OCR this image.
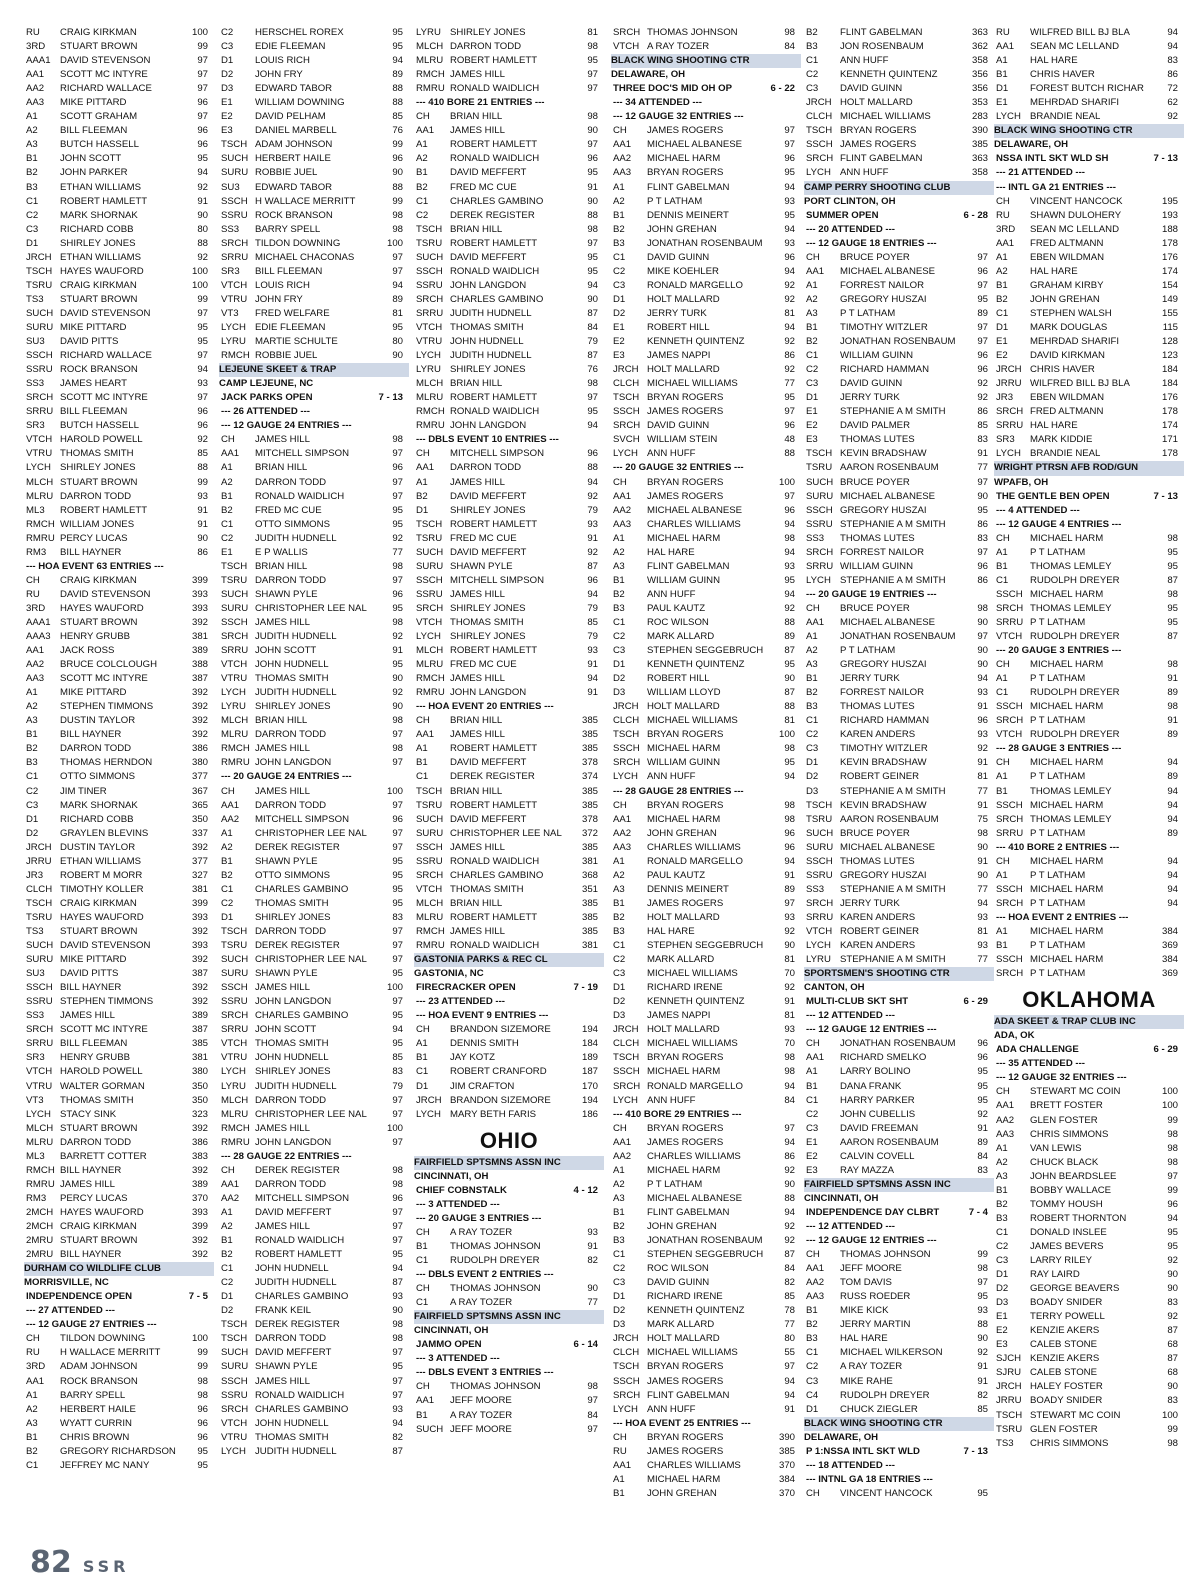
RU	CRAIG KIRKMAN	100
3RD	STUART BROWN	99
AAA1 DAVID STEVENSON	97
AA1	SCOTT MC INTYRE	97
AA2	RICHARD WALLACE	97
AA3	MIKE PITTARD	96
A1	SCOTT GRAHAM	97
A2	BILL FLEEMAN	96
A3	BUTCH HASSELL	96
B1	JOHN SCOTT	95
B2	JOHN PARKER	94
B3	ETHAN WILLIAMS	92
C1	ROBERT HAMLETT	91
C2	MARK SHORNAK	90
C3	RICHARD COBB	80
D1	SHIRLEY JONES	88
JRCH ETHAN WILLIAMS	92
TSCH HAYES WAUFORD	100
TSRU CRAIG KIRKMAN	100
TS3	STUART BROWN	99
SUCH DAVID STEVENSON	97
SURU MIKE PITTARD	95
SU3	DAVID PITTS	95
SSCH RICHARD WALLACE	97
SSRU ROCK BRANSON	94
SS3	JAMES HEART	93
SRCH SCOTT MC INTYRE	97
SRRU BILL FLEEMAN	96
SR3	BUTCH HASSELL	96
VTCH HAROLD POWELL	92
VTRU THOMAS SMITH	85
LYCH SHIRLEY JONES	88
MLCH STUART BROWN	99
MLRU DARRON TODD	93
ML3	ROBERT HAMLETT	91
RMCH WILLIAM JONES	91
RMRU PERCY LUCAS	90
RM3	BILL HAYNER	86
--- HOA EVENT 63 ENTRIES ---
CH	CRAIG KIRKMAN	399
RU	DAVID STEVENSON	393
3RD	HAYES WAUFORD	393
AAA1 STUART BROWN	392
AAA3 HENRY GRUBB	381
AA1	JACK ROSS	389
AA2	BRUCE COLCLOUGH	388
AA3	SCOTT MC INTYRE	387
A1	MIKE PITTARD	392
A2	STEPHEN TIMMONS	392
A3	DUSTIN TAYLOR	392
B1	BILL HAYNER	392
B2	DARRON TODD	386
B3	THOMAS HERNDON	380
C1	OTTO SIMMONS	377
C2	JIM TINER	367
C3	MARK SHORNAK	365
D1	RICHARD COBB	350
D2	GRAYLEN BLEVINS	337
JRCH DUSTIN TAYLOR	392
JRRU ETHAN WILLIAMS	377
JR3	ROBERT M MORR	327
CLCH TIMOTHY KOLLER	381
TSCH CRAIG KIRKMAN	399
TSRU HAYES WAUFORD	393
TS3	STUART BROWN	392
SUCH DAVID STEVENSON	393
SURU MIKE PITTARD	392
SU3	DAVID PITTS	387
SSCH BILL HAYNER	392
SSRU STEPHEN TIMMONS	392
SS3	JAMES HILL	389
SRCH SCOTT MC INTYRE	387
SRRU BILL FLEEMAN	385
SR3	HENRY GRUBB	381
VTCH HAROLD POWELL	380
VTRU WALTER GORMAN	350
VT3	THOMAS SMITH	350
LYCH STACY SINK	323
MLCH STUART BROWN	392
MLRU DARRON TODD	386
ML3	BARRETT COTTER	383
RMCH BILL HAYNER	392
RMRU JAMES HILL	389
RM3	PERCY LUCAS	370
2MCH HAYES WAUFORD	393
2MCH CRAIG KIRKMAN	399
2MRU STUART BROWN	392
2MRU BILL HAYNER	392
DURHAM CO WILDLIFE CLUB
MORRISVILLE, NC
INDEPENDENCE OPEN	7 - 5
--- 27 ATTENDED ---
--- 12 GAUGE 27 ENTRIES ---
CH	TILDON DOWNING	100
RU	H WALLACE MERRITT	99
3RD	ADAM JOHNSON	99
AA1	ROCK BRANSON	98
A1	BARRY SPELL	98
A2	HERBERT HAILE	96
A3	WYATT CURRIN	96
B1	CHRIS BROWN	96
B2	GREGORY RICHARDSON	95
C1	JEFFREY MC NANY	95
C2	HERSCHEL ROREX	95
C3	EDIE FLEEMAN	95
D1	LOUIS RICH	94
D2	JOHN FRY	89
D3	EDWARD TABOR	88
E1	WILLIAM DOWNING	88
E2	DAVID PELHAM	85
E3	DANIEL MARBELL	76
TSCH ADAM JOHNSON	99
SUCH HERBERT HAILE	96
SURU ROBBIE JUEL	90
SU3	EDWARD TABOR	88
SSCH H WALLACE MERRITT	99
SSRU ROCK BRANSON	98
SS3	BARRY SPELL	98
SRCH TILDON DOWNING	100
SRRU MICHAEL CHACONAS	97
SR3	BILL FLEEMAN	97
VTCH LOUIS RICH	94
VTRU JOHN FRY	89
VT3	FRED WELFARE	81
LYCH EDIE FLEEMAN	95
LYRU MARTIE SCHULTE	80
RMCH ROBBIE JUEL	90
LEJEUNE SKEET & TRAP
CAMP LEJEUNE, NC
JACK PARKS OPEN	7 - 13
--- 26 ATTENDED ---
--- 12 GAUGE 24 ENTRIES ---
CH	JAMES HILL	98
AA1	MITCHELL SIMPSON	97
A1	BRIAN HILL	96
A2	DARRON TODD	97
B1	RONALD WAIDLICH	97
B2	FRED MC CUE	95
C1	OTTO SIMMONS	95
C2	JUDITH HUDNELL	92
E1	E P WALLIS	77
TSCH BRIAN HILL	98
TSRU DARRON TODD	97
SUCH SHAWN PYLE	96
SURU CHRISTOPHER LEE NAL	95
SSCH JAMES HILL	98
SRCH JUDITH HUDNELL	92
SRRU JOHN SCOTT	91
VTCH JOHN HUDNELL	95
VTRU THOMAS SMITH	90
LYCH JUDITH HUDNELL	92
LYRU SHIRLEY JONES	90
MLCH BRIAN HILL	98
MLRU DARRON TODD	97
RMCH JAMES HILL	98
RMRU JOHN LANGDON	97
--- 20 GAUGE 24 ENTRIES ---
CH	JAMES HILL	100
AA1	DARRON TODD	97
AA2	MITCHELL SIMPSON	96
A1	CHRISTOPHER LEE NAL	97
A2	DEREK REGISTER	97
B1	SHAWN PYLE	95
B2	OTTO SIMMONS	95
C1	CHARLES GAMBINO	95
C2	THOMAS SMITH	95
D1	SHIRLEY JONES	83
TSCH DARRON TODD	97
TSRU DEREK REGISTER	97
SUCH CHRISTOPHER LEE NAL	97
SURU SHAWN PYLE	95
SSCH JAMES HILL	100
SSRU JOHN LANGDON	97
SRCH CHARLES GAMBINO	95
SRRU JOHN SCOTT	94
VTCH THOMAS SMITH	95
VTRU JOHN HUDNELL	85
LYCH SHIRLEY JONES	83
LYRU JUDITH HUDNELL	79
MLCH DARRON TODD	97
MLRU CHRISTOPHER LEE NAL	97
RMCH JAMES HILL	100
RMRU JOHN LANGDON	97
--- 28 GAUGE 22 ENTRIES ---
CH	DEREK REGISTER	98
AA1	DARRON TODD	98
AA2	MITCHELL SIMPSON	96
A1	DAVID MEFFERT	97
A2	JAMES HILL	97
B1	RONALD WAIDLICH	97
B2	ROBERT HAMLETT	95
C1	JOHN HUDNELL	94
C2	JUDITH HUDNELL	87
D1	CHARLES GAMBINO	93
D2	FRANK KEIL	90
TSCH DEREK REGISTER	98
TSCH DARRON TODD	98
SUCH DAVID MEFFERT	97
SURU SHAWN PYLE	95
SSCH JAMES HILL	97
SSRU RONALD WAIDLICH	97
SRCH CHARLES GAMBINO	93
VTCH JOHN HUDNELL	94
VTRU THOMAS SMITH	82
LYCH JUDITH HUDNELL	87
LYRU SHIRLEY JONES	81
MLCH DARRON TODD	98
MLRU ROBERT HAMLETT	95
RMCH JAMES HILL	97
RMRU RONALD WAIDLICH	97
--- 410 BORE 21 ENTRIES ---
CH	BRIAN HILL	98
AA1	JAMES HILL	90
A1	ROBERT HAMLETT	97
A2	RONALD WAIDLICH	96
B1	DAVID MEFFERT	95
B2	FRED MC CUE	91
C1	CHARLES GAMBINO	90
C2	DEREK REGISTER	88
TSCH BRIAN HILL	98
TSRU ROBERT HAMLETT	97
SUCH DAVID MEFFERT	95
SSCH RONALD WAIDLICH	95
SSRU JOHN LANGDON	94
SRCH CHARLES GAMBINO	90
SRRU JUDITH HUDNELL	87
VTCH THOMAS SMITH	84
VTRU JOHN HUDNELL	79
LYCH JUDITH HUDNELL	87
LYRU SHIRLEY JONES	76
MLCH BRIAN HILL	98
MLRU ROBERT HAMLETT	97
RMCH RONALD WAIDLICH	95
RMRU JOHN LANGDON	94
--- DBLS EVENT 10 ENTRIES ---
CH	MITCHELL SIMPSON	96
AA1	DARRON TODD	88
A1	JAMES HILL	94
B2	DAVID MEFFERT	92
D1	SHIRLEY JONES	79
TSCH ROBERT HAMLETT	93
TSRU FRED MC CUE	91
SUCH DAVID MEFFERT	92
SURU SHAWN PYLE	87
SSCH MITCHELL SIMPSON	96
SSRU JAMES HILL	94
SRCH SHIRLEY JONES	79
VTCH THOMAS SMITH	85
LYCH SHIRLEY JONES	79
MLCH ROBERT HAMLETT	93
MLRU FRED MC CUE	91
RMCH JAMES HILL	94
RMRU JOHN LANGDON	91
--- HOA EVENT 20 ENTRIES ---
CH	BRIAN HILL	385
AA1	JAMES HILL	385
A1	ROBERT HAMLETT	385
B1	DAVID MEFFERT	378
C1	DEREK REGISTER	374
TSCH BRIAN HILL	385
TSRU ROBERT HAMLETT	385
SUCH DAVID MEFFERT	378
SURU CHRISTOPHER LEE NAL	372
SSCH JAMES HILL	385
SSRU RONALD WAIDLICH	381
SRCH CHARLES GAMBINO	368
VTCH THOMAS SMITH	351
MLCH BRIAN HILL	385
MLRU ROBERT HAMLETT	385
RMCH JAMES HILL	385
RMRU RONALD WAIDLICH	381
GASTONIA PARKS & REC CL
GASTONIA, NC
FIRECRACKER OPEN	7 - 19
--- 23 ATTENDED ---
--- HOA EVENT 9 ENTRIES ---
CH	BRANDON SIZEMORE	194
A1	DENNIS SMITH	184
B1	JAY KOTZ	189
C1	ROBERT CRANFORD	187
D1	JIM CRAFTON	170
JRCH BRANDON SIZEMORE	194
LYCH MARY BETH FARIS	186
OHIO
FAIRFIELD SPTSMNS ASSN INC
CINCINNATI, OH
CHIEF COBNSTALK	4 - 12
--- 3 ATTENDED ---
--- 20 GAUGE 3 ENTRIES ---
CH	A RAY TOZER	93
B1	THOMAS JOHNSON	91
C1	RUDOLPH DREYER	82
--- DBLS EVENT 2 ENTRIES ---
CH	THOMAS JOHNSON	90
C1	A RAY TOZER	77
FAIRFIELD SPTSMNS ASSN INC
CINCINNATI, OH
JAMMO OPEN	6 - 14
--- 3 ATTENDED ---
--- DBLS EVENT 3 ENTRIES ---
CH	THOMAS JOHNSON	98
AA1	JEFF MOORE	97
B1	A RAY TOZER	84
SUCH JEFF MOORE	97
SRCH THOMAS JOHNSON	98
VTCH A RAY TOZER	84
BLACK WING SHOOTING CTR
DELAWARE, OH
THREE DOC'S MID OH OP	6 - 22
--- 34 ATTENDED ---
--- 12 GAUGE 32 ENTRIES ---
CH	JAMES ROGERS	97
AA1	MICHAEL ALBANESE	97
AA2	MICHAEL HARM	96
AA3	BRYAN ROGERS	95
A1	FLINT GABELMAN	94
A2	P T LATHAM	93
B1	DENNIS MEINERT	95
B2	JOHN GREHAN	94
B3	JONATHAN ROSENBAUM	93
C1	DAVID GUINN	96
C2	MIKE KOEHLER	94
C3	RONALD MARGELLO	92
D1	HOLT MALLARD	92
D2	JERRY TURK	81
E1	ROBERT HILL	94
E2	KENNETH QUINTENZ	92
E3	JAMES NAPPI	86
JRCH HOLT MALLARD	92
CLCH MICHAEL WILLIAMS	77
TSCH BRYAN ROGERS	95
SSCH JAMES ROGERS	97
SRCH DAVID GUINN	96
SVCH WILLIAM STEIN	48
LYCH ANN HUFF	88
--- 20 GAUGE 32 ENTRIES ---
CH	BRYAN ROGERS	100
AA1	JAMES ROGERS	97
AA2	MICHAEL ALBANESE	96
AA3	CHARLES WILLIAMS	94
A1	MICHAEL HARM	98
A2	HAL HARE	94
A3	FLINT GABELMAN	93
B1	WILLIAM GUINN	95
B2	ANN HUFF	94
B3	PAUL KAUTZ	92
C1	ROC WILSON	88
C2	MARK ALLARD	89
C3	STEPHEN SEGGEBRUCH	87
D1	KENNETH QUINTENZ	95
D2	ROBERT HILL	90
D3	WILLIAM LLOYD	87
JRCH HOLT MALLARD	88
CLCH MICHAEL WILLIAMS	81
TSCH BRYAN ROGERS	100
SSCH MICHAEL HARM	98
SRCH WILLIAM GUINN	95
LYCH ANN HUFF	94
--- 28 GAUGE 28 ENTRIES ---
CH	BRYAN ROGERS	98
AA1	MICHAEL HARM	98
AA2	JOHN GREHAN	96
AA3	CHARLES WILLIAMS	96
A1	RONALD MARGELLO	94
A2	PAUL KAUTZ	91
A3	DENNIS MEINERT	89
B1	JAMES ROGERS	97
B2	HOLT MALLARD	93
B3	HAL HARE	92
C1	STEPHEN SEGGEBRUCH	90
C2	MARK ALLARD	81
C3	MICHAEL WILLIAMS	70
D1	RICHARD IRENE	92
D2	KENNETH QUINTENZ	91
D3	JAMES NAPPI	81
JRCH HOLT MALLARD	93
CLCH MICHAEL WILLIAMS	70
TSCH BRYAN ROGERS	98
SSCH MICHAEL HARM	98
SRCH RONALD MARGELLO	94
LYCH ANN HUFF	84
--- 410 BORE 29 ENTRIES ---
CH	BRYAN ROGERS	97
AA1	JAMES ROGERS	94
AA2	CHARLES WILLIAMS	86
A1	MICHAEL HARM	92
A2	P T LATHAM	90
A3	MICHAEL ALBANESE	88
B1	FLINT GABELMAN	94
B2	JOHN GREHAN	92
B3	JONATHAN ROSENBAUM	92
C1	STEPHEN SEGGEBRUCH	87
C2	ROC WILSON	84
C3	DAVID GUINN	82
D1	RICHARD IRENE	85
D2	KENNETH QUINTENZ	78
D3	MARK ALLARD	77
JRCH HOLT MALLARD	80
CLCH MICHAEL WILLIAMS	55
TSCH BRYAN ROGERS	97
SSCH JAMES ROGERS	94
SRCH FLINT GABELMAN	94
LYCH ANN HUFF	91
--- HOA EVENT 25 ENTRIES ---
CH	BRYAN ROGERS	390
RU	JAMES ROGERS	385
AA1	CHARLES WILLIAMS	370
A1	MICHAEL HARM	384
B1	JOHN GREHAN	370
B2	FLINT GABELMAN	363
B3	JON ROSENBAUM	362
C1	ANN HUFF	358
C2	KENNETH QUINTENZ	356
C3	DAVID GUINN	356
JRCH HOLT MALLARD	353
CLCH MICHAEL WILLIAMS	283
TSCH BRYAN ROGERS	390
SSCH JAMES ROGERS	385
SRCH FLINT GABELMAN	363
LYCH ANN HUFF	358
CAMP PERRY SHOOTING CLUB
PORT CLINTON, OH
SUMMER OPEN	6 - 28
--- 20 ATTENDED ---
--- 12 GAUGE 18 ENTRIES ---
CH	BRUCE POYER	97
AA1	MICHAEL ALBANESE	96
A1	FORREST NAILOR	97
A2	GREGORY HUSZAI	95
A3	P T LATHAM	89
B1	TIMOTHY WITZLER	97
B2	JONATHAN ROSENBAUM	97
C1	WILLIAM GUINN	96
C2	RICHARD HAMMAN	96
C3	DAVID GUINN	92
D1	JERRY TURK	92
E1	STEPHANIE A M SMITH	86
E2	DAVID PALMER	85
E3	THOMAS LUTES	83
TSCH KEVIN BRADSHAW	91
TSRU AARON ROSENBAUM	77
SUCH BRUCE POYER	97
SURU MICHAEL ALBANESE	90
SSCH GREGORY HUSZAI	95
SSRU STEPHANIE A M SMITH	86
SS3	THOMAS LUTES	83
SRCH FORREST NAILOR	97
SRRU WILLIAM GUINN	96
LYCH STEPHANIE A M SMITH	86
--- 20 GAUGE 19 ENTRIES ---
CH	BRUCE POYER	98
AA1	MICHAEL ALBANESE	90
A1	JONATHAN ROSENBAUM	97
A2	P T LATHAM	90
A3	GREGORY HUSZAI	90
B1	JERRY TURK	94
B2	FORREST NAILOR	93
B3	THOMAS LUTES	91
C1	RICHARD HAMMAN	96
C2	KAREN ANDERS	93
C3	TIMOTHY WITZLER	92
D1	KEVIN BRADSHAW	91
D2	ROBERT GEINER	81
D3	STEPHANIE A M SMITH	77
TSCH KEVIN BRADSHAW	91
TSRU AARON ROSENBAUM	75
SUCH BRUCE POYER	98
SURU MICHAEL ALBANESE	90
SSCH THOMAS LUTES	91
SSRU GREGORY HUSZAI	90
SS3	STEPHANIE A M SMITH	77
SRCH JERRY TURK	94
SRRU KAREN ANDERS	93
VTCH ROBERT GEINER	81
LYCH KAREN ANDERS	93
LYRU STEPHANIE A M SMITH	77
SPORTSMEN'S SHOOTING CTR
CANTON, OH
MULTI-CLUB SKT SHT	6 - 29
--- 12 ATTENDED ---
--- 12 GAUGE 12 ENTRIES ---
CH	JONATHAN ROSENBAUM	96
AA1	RICHARD SMELKO	96
A1	LARRY BOLINO	95
B1	DANA FRANK	95
C1	HARRY PARKER	95
C2	JOHN CUBELLIS	92
C3	DAVID FREEMAN	91
E1	AARON ROSENBAUM	89
E2	CALVIN COVELL	84
E3	RAY MAZZA	83
FAIRFIELD SPTSMNS ASSN INC
CINCINNATI, OH
INDEPENDENCE DAY CLBRT	7 - 4
--- 12 ATTENDED ---
--- 12 GAUGE 12 ENTRIES ---
CH	THOMAS JOHNSON	99
AA1	JEFF MOORE	98
AA2	TOM DAVIS	97
AA3	RUSS ROEDER	95
B1	MIKE KICK	93
B2	JERRY MARTIN	88
B3	HAL HARE	90
C1	MICHAEL WILKERSON	92
C2	A RAY TOZER	91
C3	MIKE RAHE	91
C4	RUDOLPH DREYER	82
D1	CHUCK ZIEGLER	85
BLACK WING SHOOTING CTR
DELAWARE, OH
P 1:NSSA INTL SKT WLD	7 - 13
--- 18 ATTENDED ---
--- INTNL GA 18 ENTRIES ---
CH	VINCENT HANCOCK	95
RU	WILFRED BILL BJ BLA	94
AA1	SEAN MC LELLAND	94
A1	HAL HARE	83
B1	CHRIS HAVER	86
D1	FOREST BUTCH RICHAR	72
E1	MEHRDAD SHARIFI	62
LYCH BRANDIE NEAL	92
BLACK WING SHOOTING CTR
DELAWARE, OH
NSSA INTL SKT WLD SH	7 - 13
--- 21 ATTENDED ---
--- INTL GA 21 ENTRIES ---
CH	VINCENT HANCOCK	195
RU	SHAWN DULOHERY	193
3RD	SEAN MC LELLAND	188
AA1	FRED ALTMANN	178
A1	EBEN WILDMAN	176
A2	HAL HARE	174
B1	GRAHAM KIRBY	154
B2	JOHN GREHAN	149
C1	STEPHEN WALSH	155
D1	MARK DOUGLAS	115
E1	MEHRDAD SHARIFI	128
E2	DAVID KIRKMAN	123
JRCH CHRIS HAVER	184
JRRU WILFRED BILL BJ BLA	184
JR3	EBEN WILDMAN	176
SRCH FRED ALTMANN	178
SRRU HAL HARE	174
SR3	MARK KIDDIE	171
LYCH BRANDIE NEAL	178
WRIGHT PTRSN AFB ROD/GUN
WPAFB, OH
THE GENTLE BEN OPEN	7 - 13
--- 4 ATTENDED ---
--- 12 GAUGE 4 ENTRIES ---
CH	MICHAEL HARM	98
A1	P T LATHAM	95
B1	THOMAS LEMLEY	95
C1	RUDOLPH DREYER	87
SSCH MICHAEL HARM	98
SRCH THOMAS LEMLEY	95
SRRU P T LATHAM	95
VTCH RUDOLPH DREYER	87
--- 20 GAUGE 3 ENTRIES ---
CH	MICHAEL HARM	98
A1	P T LATHAM	91
C1	RUDOLPH DREYER	89
SSCH MICHAEL HARM	98
SRCH P T LATHAM	91
VTCH RUDOLPH DREYER	89
--- 28 GAUGE 3 ENTRIES ---
CH	MICHAEL HARM	94
A1	P T LATHAM	89
B1	THOMAS LEMLEY	94
SSCH MICHAEL HARM	94
SRCH THOMAS LEMLEY	94
SRRU P T LATHAM	89
--- 410 BORE 2 ENTRIES ---
CH	MICHAEL HARM	94
A1	P T LATHAM	94
SSCH MICHAEL HARM	94
SRCH P T LATHAM	94
--- HOA EVENT 2 ENTRIES ---
A1	MICHAEL HARM	384
B1	P T LATHAM	369
SSCH MICHAEL HARM	384
SRCH P T LATHAM	369
OKLAHOMA
ADA SKEET & TRAP CLUB INC
ADA, OK
ADA CHALLENGE	6 - 29
--- 35 ATTENDED ---
--- 12 GAUGE 32 ENTRIES ---
CH	STEWART MC COIN	100
AA1	BRETT FOSTER	100
AA2	GLEN FOSTER	99
AA3	CHRIS SIMMONS	98
A1	VAN LEWIS	98
A2	CHUCK BLACK	98
A3	JOHN BEARDSLEE	97
B1	BOBBY WALLACE	99
B2	TOMMY HOUSH	96
B3	ROBERT THORNTON	94
C1	DONALD INSLEE	95
C2	JAMES BEVERS	95
C3	LARRY RILEY	92
D1	RAY LAIRD	90
D2	GEORGE BEAVERS	90
D3	BOADY SNIDER	83
E1	TERRY POWELL	92
E2	KENZIE AKERS	87
E3	CALEB STONE	68
SJCH KENZIE AKERS	87
SJRU CALEB STONE	68
JRCH HALEY FOSTER	90
JRRU BOADY SNIDER	83
TSCH STEWART MC COIN	100
TSRU GLEN FOSTER	99
TS3	CHRIS SIMMONS	98
82 SSR
